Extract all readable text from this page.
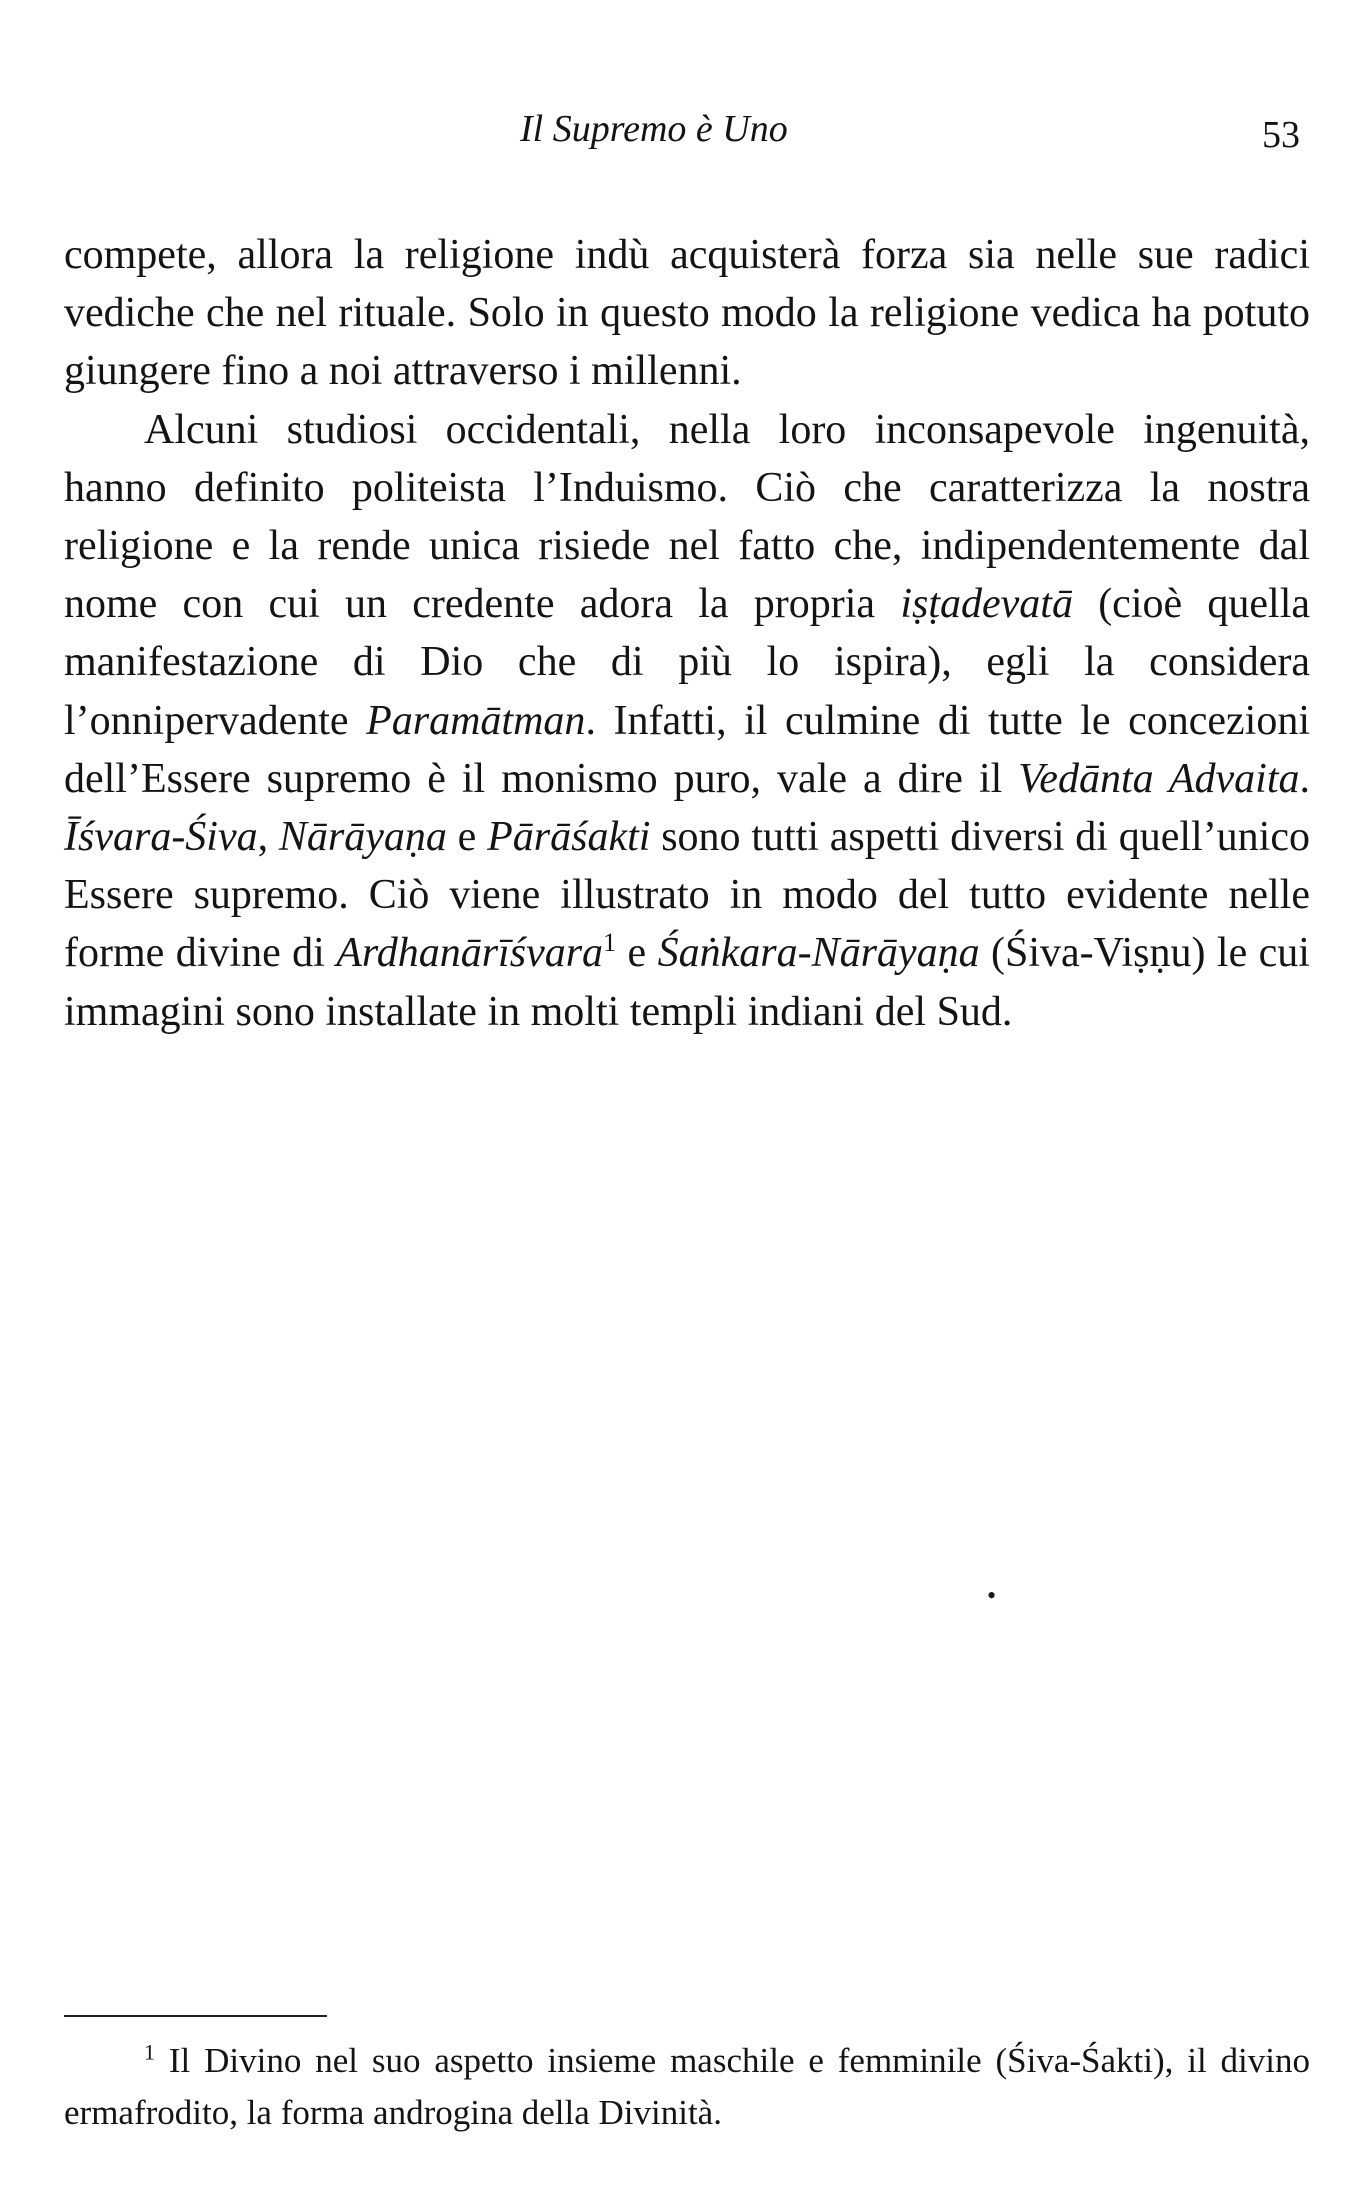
Il Supremo è Uno	53

compete, allora la religione indù acquisterà forza sia nelle sue radici vediche che nel rituale. Solo in questo modo la religione vedica ha potuto giungere fino a noi attraverso i millenni.

Alcuni studiosi occidentali, nella loro inconsapevole ingenuità, hanno definito politeista l’Induismo. Ciò che caratterizza la nostra religione e la rende unica risiede nel fatto che, indipendentemente dal nome con cui un credente adora la propria iṣṭadevatā (cioè quella manifestazione di Dio che di più lo ispira), egli la considera l’onnipervadente Paramātman. Infatti, il culmine di tutte le concezioni dell’Essere supremo è il monismo puro, vale a dire il Vedānta Advaita. Īśvara-Śiva, Nārāyaṇa e Pārāśakti sono tutti aspetti diversi di quell’unico Essere supremo. Ciò viene illustrato in modo del tutto evidente nelle forme divine di Ardhanārīśvara$^1$ e Śaṅkara-Nārāyaṇa (Śiva-Viṣṇu) le cui immagini sono installate in molti templi indiani del Sud.

•

$^1$ Il Divino nel suo aspetto insieme maschile e femminile (Śiva-Śakti), il divino ermafrodito, la forma androgina della Divinità.
